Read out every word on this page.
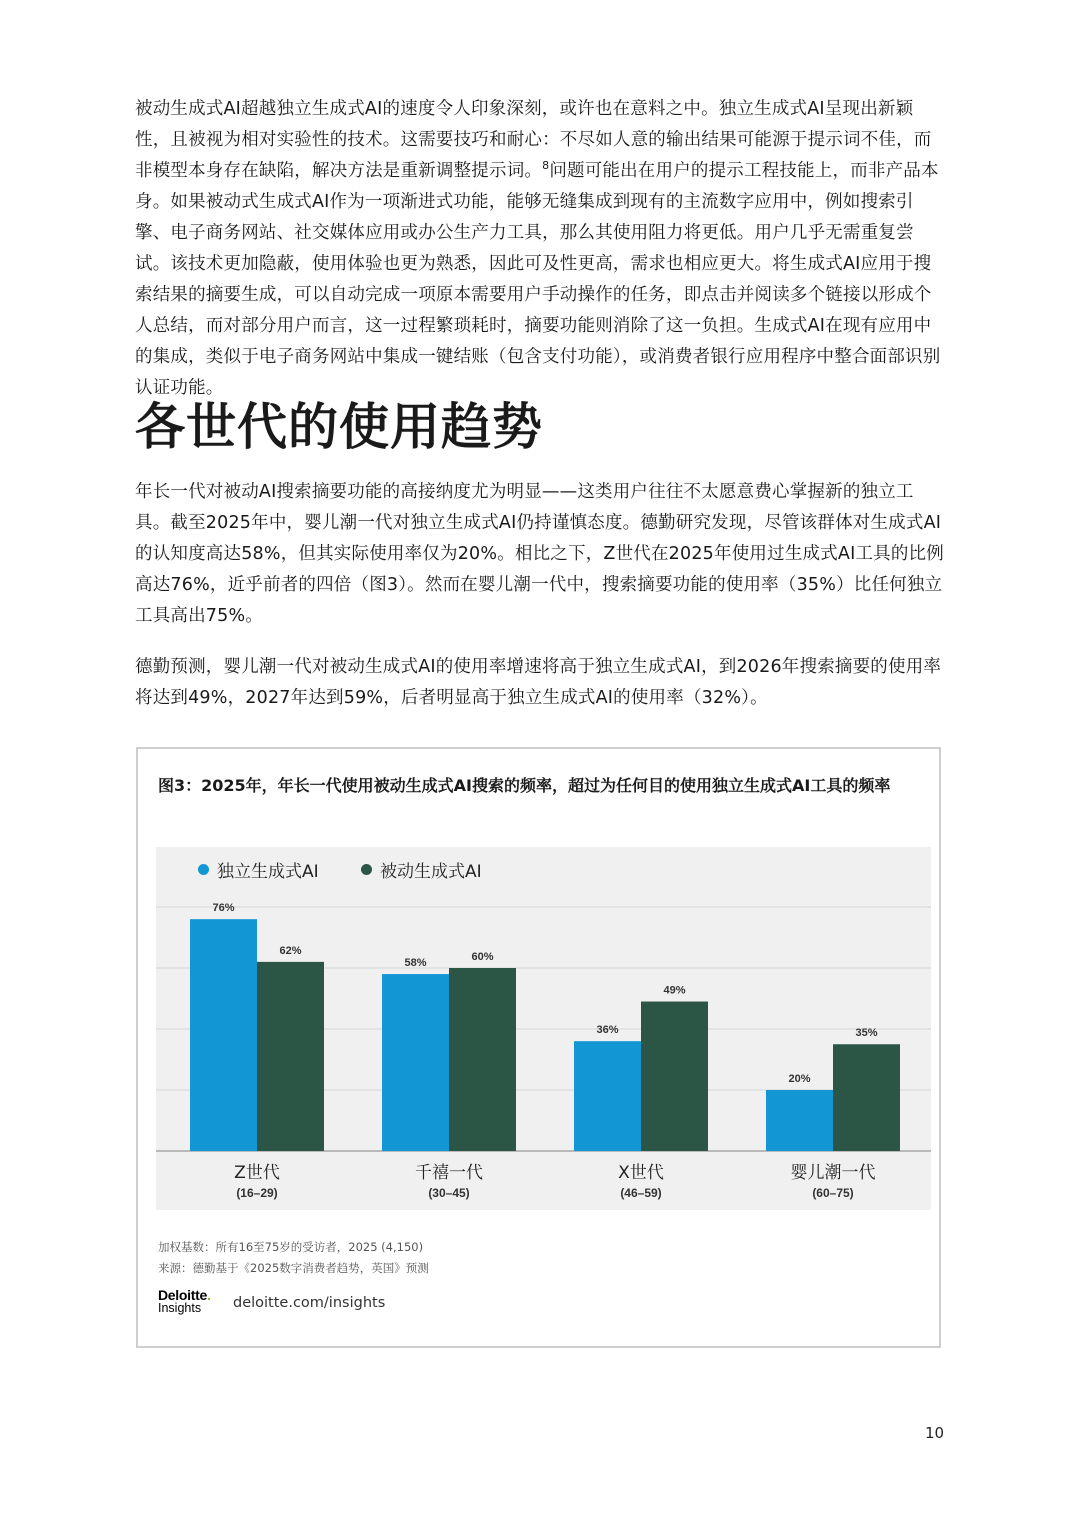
被动生成式AI超越独立生成式AI的速度令人印象深刻，或许也在意料之中。独立生成式AI呈现出新颖性，且被视为相对实验性的技术。这需要技巧和耐心：不尽如人意的输出结果可能源于提示词不佳，而非模型本身存在缺陷，解决方法是重新调整提示词。$^8$问题可能出在用户的提示工程技能上，而非产品本身。如果被动式生成式AI作为一项渐进式功能，能够无缝集成到现有的主流数字应用中，例如搜索引擎、电子商务网站、社交媒体应用或办公生产力工具，那么其使用阻力将更低。用户几乎无需重复尝试。该技术更加隐蔽，使用体验也更为熟悉，因此可及性更高，需求也相应更大。将生成式AI应用于搜索结果的摘要生成，可以自动完成一项原本需要用户手动操作的任务，即点击并阅读多个链接以形成个人总结，而对部分用户而言，这一过程繁琐耗时，摘要功能则消除了这一负担。生成式AI在现有应用中的集成，类似于电子商务网站中集成一键结账（包含支付功能），或消费者银行应用程序中整合面部识别认证功能。

各世代的使用趋势

年长一代对被动AI搜索摘要功能的高接纳度尤为明显——这类用户往往不太愿意费心掌握新的独立工具。截至2025年中，婴儿潮一代对独立生成式AI仍持谨慎态度。德勤研究发现，尽管该群体对生成式AI的认知度高达58%，但其实际使用率仅为20%。相比之下，Z世代在2025年使用过生成式AI工具的比例高达76%，近乎前者的四倍（图3）。然而在婴儿潮一代中，搜索摘要功能的使用率（35%）比任何独立工具高出75%。

德勤预测，婴儿潮一代对被动生成式AI的使用率增速将高于独立生成式AI，到2026年搜索摘要的使用率将达到49%，2027年达到59%，后者明显高于独立生成式AI的使用率（32%）。

图3：2025年，年长一代使用被动生成式AI搜索的频率，超过为任何目的使用独立生成式AI工具的频率

76%
62%
Z世代
(16–29)
58%
60%
千禧一代
(30–45)
36%
49%
X世代
(46–59)
20%
35%
婴儿潮一代
(60–75)
独立生成式AI	被动生成式AI
加权基数：所有16至75岁的受访者，2025 (4,150)
来源：德勤基于《2025数字消费者趋势，英国》预测
Deloitte.
Insights	deloitte.com/insights
10
